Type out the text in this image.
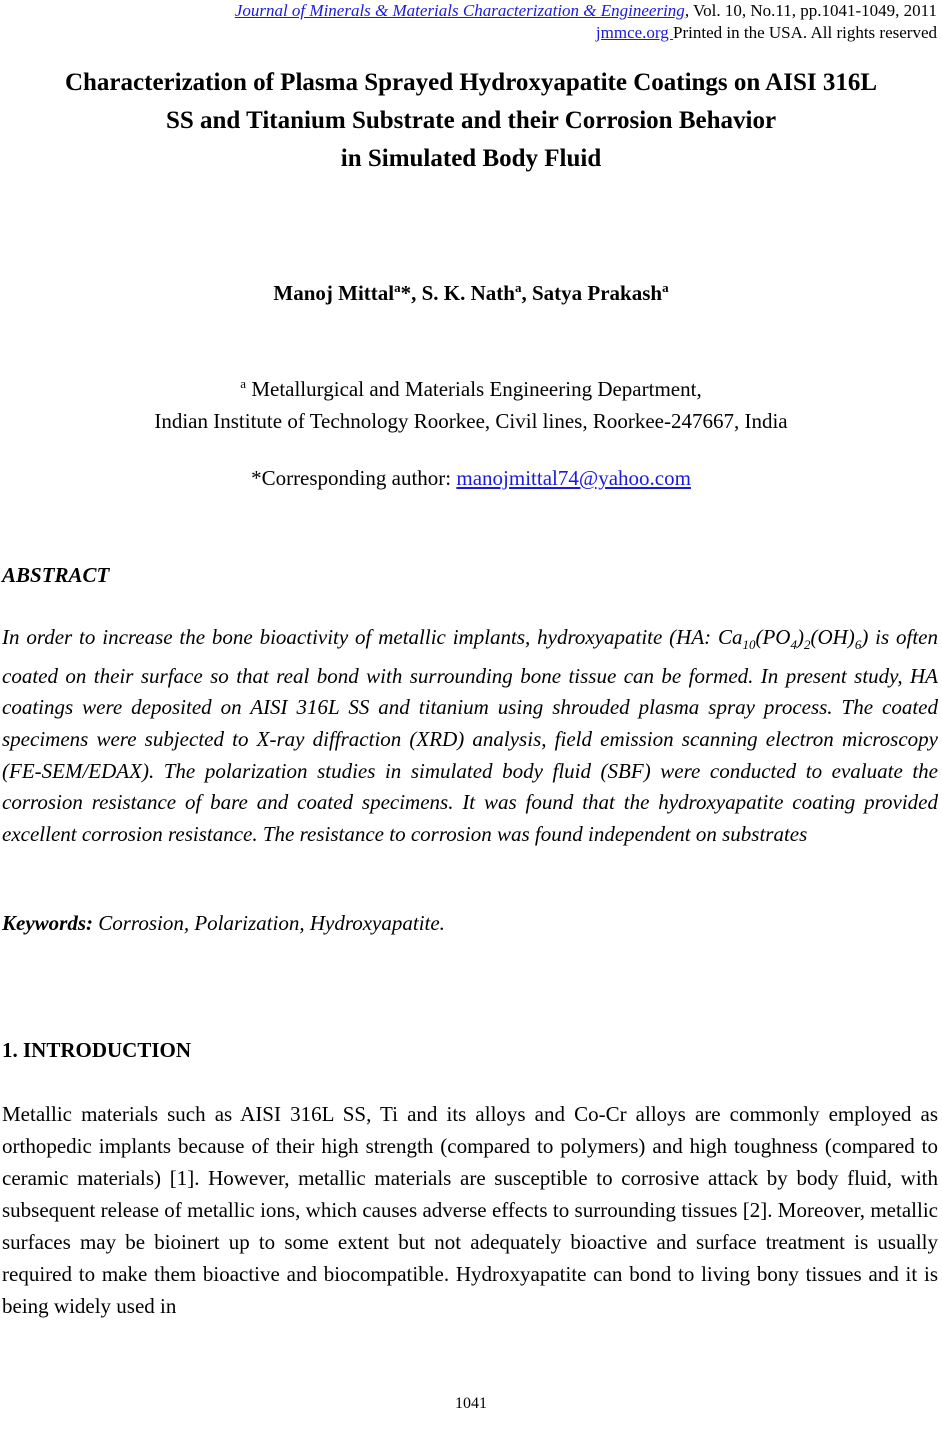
Journal of Minerals & Materials Characterization & Engineering, Vol. 10, No.11, pp.1041-1049, 2011
jmmce.org Printed in the USA. All rights reserved
Characterization of Plasma Sprayed Hydroxyapatite Coatings on AISI 316L
SS and Titanium Substrate and their Corrosion Behavior
in Simulated Body Fluid
Manoj Mittal$^a$*, S. K. Nath$^a$, Satya Prakash$^a$
$^a$ Metallurgical and Materials Engineering Department,
Indian Institute of Technology Roorkee, Civil lines, Roorkee-247667, India
*Corresponding author: manojmittal74@yahoo.com
ABSTRACT
In order to increase the bone bioactivity of metallic implants, hydroxyapatite (HA: $Ca_{10}(PO_4)_2(OH)_6$) is often coated on their surface so that real bond with surrounding bone tissue can be formed. In present study, HA coatings were deposited on AISI 316L SS and titanium using shrouded plasma spray process. The coated specimens were subjected to X-ray diffraction (XRD) analysis, field emission scanning electron microscopy (FE-SEM/EDAX). The polarization studies in simulated body fluid (SBF) were conducted to evaluate the corrosion resistance of bare and coated specimens. It was found that the hydroxyapatite coating provided excellent corrosion resistance. The resistance to corrosion was found independent on substrates
Keywords: Corrosion, Polarization, Hydroxyapatite.
1. INTRODUCTION
Metallic materials such as AISI 316L SS, Ti and its alloys and Co-Cr alloys are commonly employed as orthopedic implants because of their high strength (compared to polymers) and high toughness (compared to ceramic materials) [1]. However, metallic materials are susceptible to corrosive attack by body fluid, with subsequent release of metallic ions, which causes adverse effects to surrounding tissues [2]. Moreover, metallic surfaces may be bioinert up to some extent but not adequately bioactive and surface treatment is usually required to make them bioactive and biocompatible. Hydroxyapatite can bond to living bony tissues and it is being widely used in
1041
